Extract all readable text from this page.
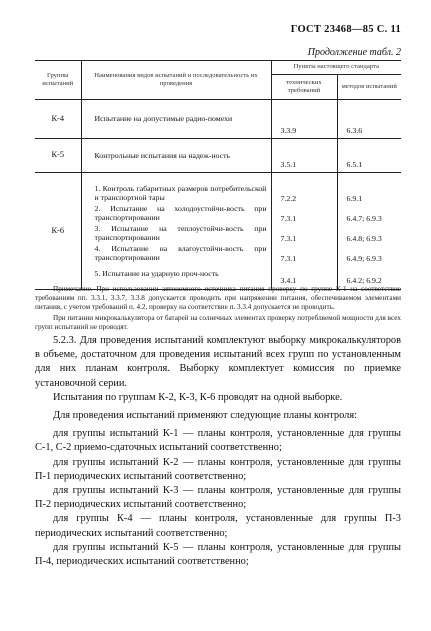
ГОСТ 23468—85 С. 11
Продолжение табл. 2
Группы испытаний	Наименования видов испытаний и последовательность их проведения	Пункты настоящего стандарта	
		технических требований	методов испытаний
К-4	Испытание на допустимые радио-помехи	3.3.9	6.3.6
К-5	Контрольные испытания на надеж-ность	3.5.1	6.5.1
К-6	1. Контроль габаритных размеров потребительской и транспортной тары	7.2.2	6.9.1
	2. Испытание на холодоустойчи-вость при транспортировании	7.3.1	6.4.7; 6.9.3
	3. Испытание на теплоустойчи-вость при транспортировании	7.3.1	6.4.8; 6.9.3
	4. Испытание на влагоустойчи-вость при транспортировании	7.3.1	6.4.9; 6.9.3
	5. Испытание на ударную проч-ность	3.4.1	6.4.2; 6.9.2
Примечание. При использовании автономного источника питания проверку по группе К-1 на соответствие требованиям пп. 3.3.1, 3.3.7, 3.3.8 допускается проводить при напряжении питания, обеспечиваемом элементами питания, с учетом требований п. 4.2, проверку на соответствие п. 3.3.4 допускается не проводить.
При питании микрокалькулятора от батарей на солнечных элементах проверку потребляемой мощности для всех групп испытаний не проводят.

5.2.3. Для проведения испытаний комплектуют выборку микрокалькуляторов в объеме, достаточном для проведения испытаний всех групп по установленным для них планам контроля. Выборку комплектует комиссия по приемке установочной серии.

Испытания по группам К-2, К-3, К-6 проводят на одной выборке.

Для проведения испытаний применяют следующие планы контроля:

для группы испытаний К-1 — планы контроля, установленные для группы С-1, С-2 приемо-сдаточных испытаний соответственно;

для группы испытаний К-2 — планы контроля, установленные для группы П-1 периодических испытаний соответственно;

для группы испытаний К-3 — планы контроля, установленные для группы П-2 периодических испытаний соответственно;

для группы К-4 — планы контроля, установленные для группы П-3 периодических испытаний соответственно;

для группы испытаний К-5 — планы контроля, установленные для группы П-4, периодических испытаний соответственно;
